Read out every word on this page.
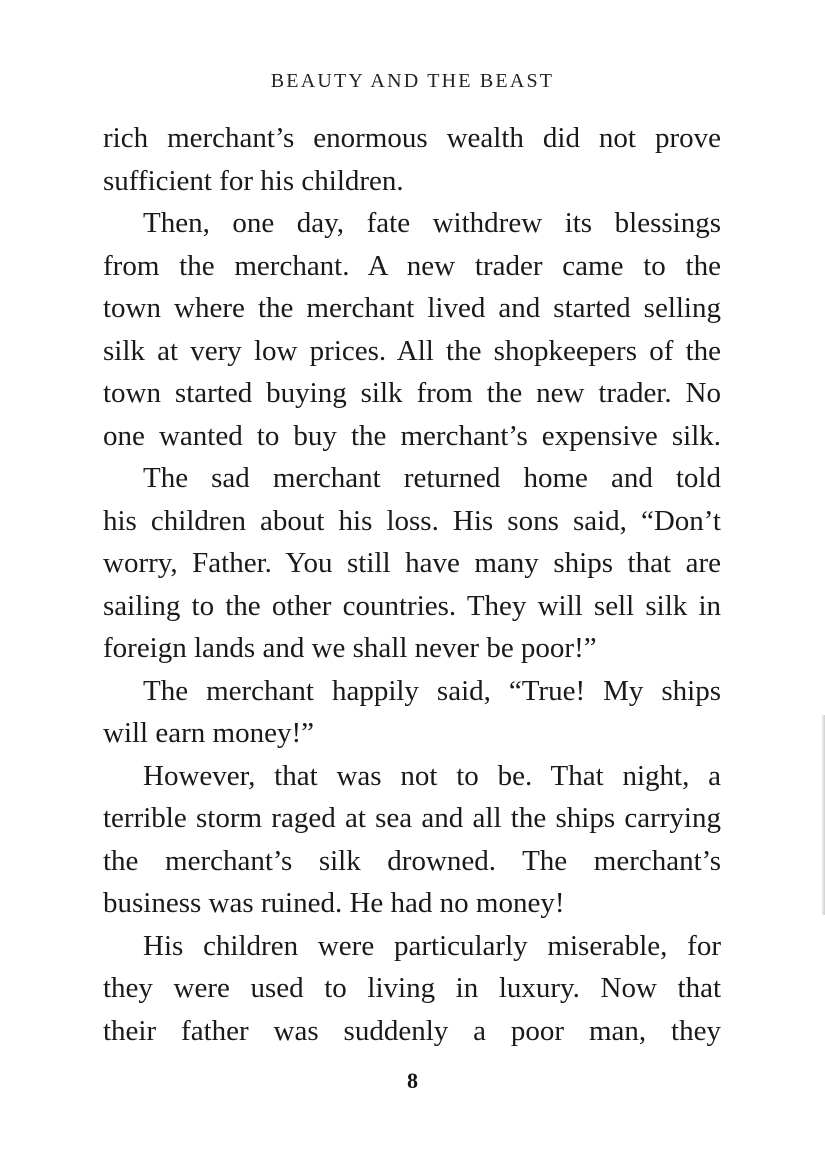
BEAUTY AND THE BEAST
rich merchant’s enormous wealth did not prove
sufficient for his children.
Then, one day, fate withdrew its blessings
from the merchant. A new trader came to the
town where the merchant lived and started selling
silk at very low prices. All the shopkeepers of the
town started buying silk from the new trader. No
one wanted to buy the merchant’s expensive silk.
The sad merchant returned home and told
his children about his loss. His sons said, “Don’t
worry, Father. You still have many ships that are
sailing to the other countries. They will sell silk in
foreign lands and we shall never be poor!”
The merchant happily said, “True! My ships
will earn money!”
However, that was not to be. That night, a
terrible storm raged at sea and all the ships carrying
the merchant’s silk drowned. The merchant’s
business was ruined. He had no money!
His children were particularly miserable, for
they were used to living in luxury. Now that
their father was suddenly a poor man, they
8
